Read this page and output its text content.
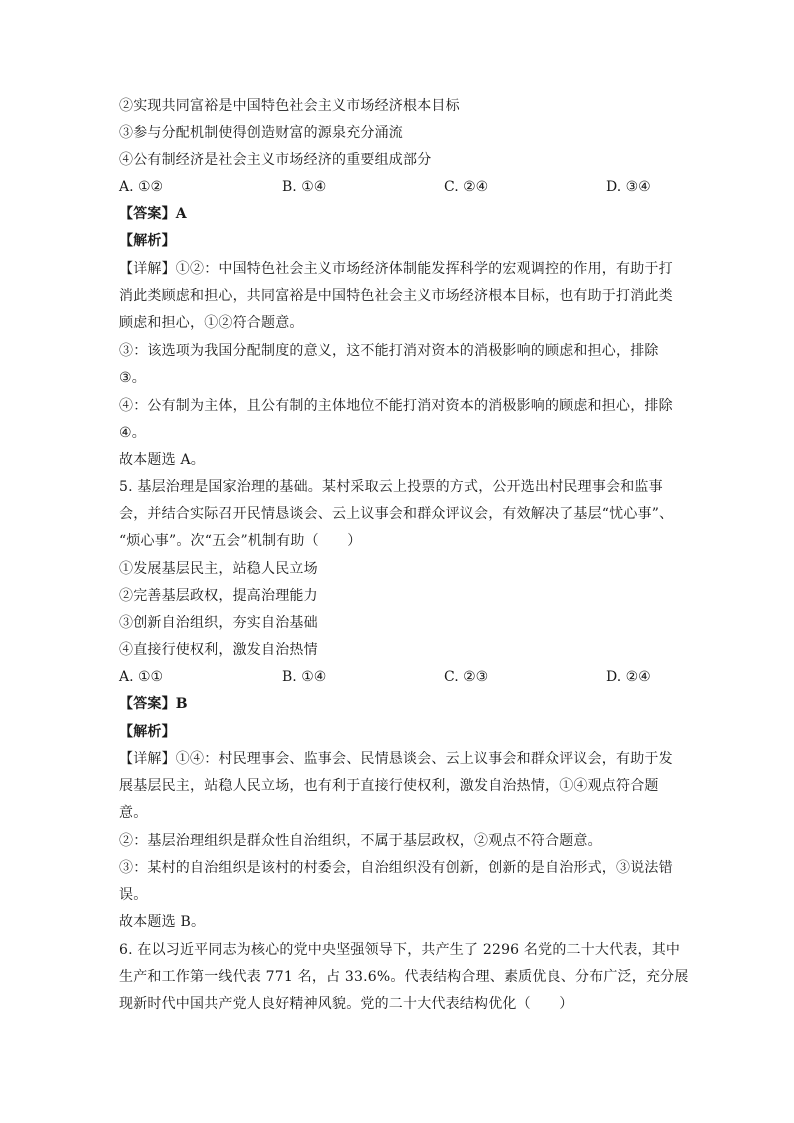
②实现共同富裕是中国特色社会主义市场经济根本目标
③参与分配机制使得创造财富的源泉充分涌流
④公有制经济是社会主义市场经济的重要组成部分
A. ①②	B. ①④	C. ②④	D. ③④
【答案】A
【解析】
【详解】①②：中国特色社会主义市场经济体制能发挥科学的宏观调控的作用，有助于打
消此类顾虑和担心，共同富裕是中国特色社会主义市场经济根本目标，也有助于打消此类
顾虑和担心，①②符合题意。
③：该选项为我国分配制度的意义，这不能打消对资本的消极影响的顾虑和担心，排除
③。
④：公有制为主体，且公有制的主体地位不能打消对资本的消极影响的顾虑和担心，排除
④。
故本题选 A。
5. 基层治理是国家治理的基础。某村采取云上投票的方式，公开选出村民理事会和监事
会，并结合实际召开民情恳谈会、云上议事会和群众评议会，有效解决了基层“忧心事”、
“烦心事”。次“五会”机制有助（　　）
①发展基层民主，站稳人民立场
②完善基层政权，提高治理能力
③创新自治组织，夯实自治基础
④直接行使权利，激发自治热情
A. ①①	B. ①④	C. ②③	D. ②④
【答案】B
【解析】
【详解】①④：村民理事会、监事会、民情恳谈会、云上议事会和群众评议会，有助于发
展基层民主，站稳人民立场，也有利于直接行使权利，激发自治热情，①④观点符合题
意。
②：基层治理组织是群众性自治组织，不属于基层政权，②观点不符合题意。
③：某村的自治组织是该村的村委会，自治组织没有创新，创新的是自治形式，③说法错
误。
故本题选 B。
6. 在以习近平同志为核心的党中央坚强领导下，共产生了 2296 名党的二十大代表，其中
生产和工作第一线代表 771 名，占 33.6%。代表结构合理、素质优良、分布广泛，充分展
现新时代中国共产党人良好精神风貌。党的二十大代表结构优化（　　）
